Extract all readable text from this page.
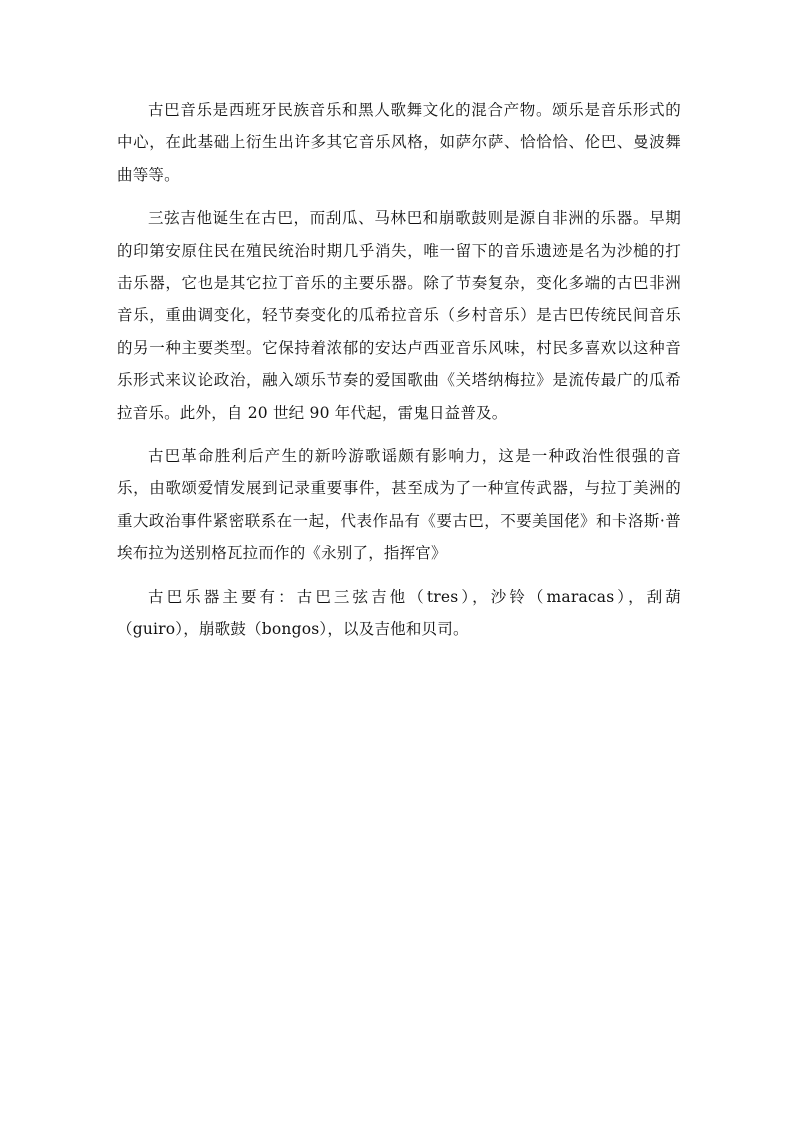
古巴音乐是西班牙民族音乐和黑人歌舞文化的混合产物。颂乐是音乐形式的中心，在此基础上衍生出许多其它音乐风格，如萨尔萨、恰恰恰、伦巴、曼波舞曲等等。

三弦吉他诞生在古巴，而刮瓜、马林巴和崩歌鼓则是源自非洲的乐器。早期的印第安原住民在殖民统治时期几乎消失，唯一留下的音乐遗迹是名为沙槌的打击乐器，它也是其它拉丁音乐的主要乐器。除了节奏复杂，变化多端的古巴非洲音乐，重曲调变化，轻节奏变化的瓜希拉音乐（乡村音乐）是古巴传统民间音乐的另一种主要类型。它保持着浓郁的安达卢西亚音乐风味，村民多喜欢以这种音乐形式来议论政治，融入颂乐节奏的爱国歌曲《关塔纳梅拉》是流传最广的瓜希拉音乐。此外，自 20 世纪 90 年代起，雷鬼日益普及。

古巴革命胜利后产生的新吟游歌谣颇有影响力，这是一种政治性很强的音乐，由歌颂爱情发展到记录重要事件，甚至成为了一种宣传武器，与拉丁美洲的重大政治事件紧密联系在一起，代表作品有《要古巴，不要美国佬》和卡洛斯·普埃布拉为送别格瓦拉而作的《永别了，指挥官》

古巴乐器主要有：古巴三弦吉他（tres），沙铃（maracas），刮葫（guiro），崩歌鼓（bongos），以及吉他和贝司。
